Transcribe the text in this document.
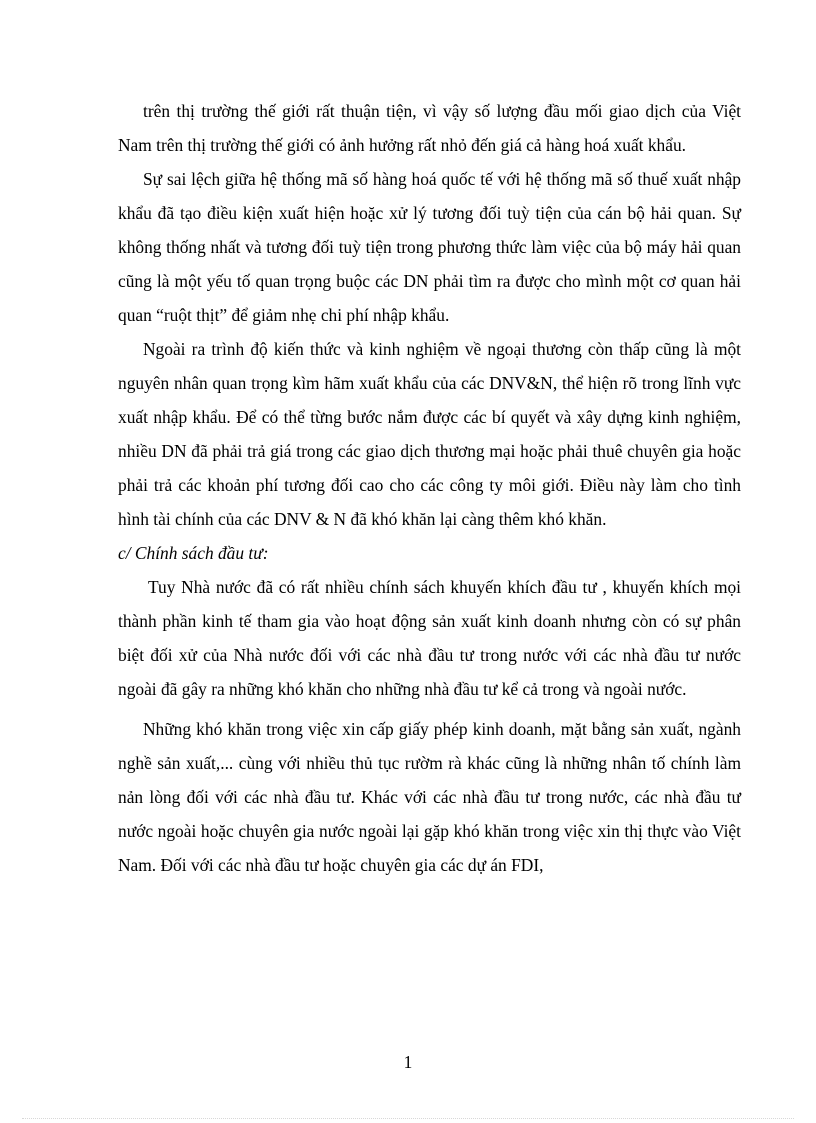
trên thị trường thế giới rất thuận tiện, vì vậy số lượng đầu mối giao dịch của Việt Nam trên thị trường thế giới có ảnh hưởng rất nhỏ đến giá cả hàng hoá xuất khẩu.

Sự sai lệch giữa hệ thống mã số hàng hoá quốc tế với hệ thống mã số thuế xuất nhập khẩu đã tạo điều kiện xuất hiện hoặc xử lý tương đối tuỳ tiện của cán bộ hải quan. Sự không thống nhất và tương đối tuỳ tiện trong phương thức làm việc của bộ máy hải quan cũng là một yếu tố quan trọng buộc các DN phải tìm ra được cho mình một cơ quan hải quan “ruột thịt” để giảm nhẹ chi phí nhập khẩu.

Ngoài ra trình độ kiến thức và kinh nghiệm về ngoại thương còn thấp cũng là một nguyên nhân quan trọng kìm hãm xuất khẩu của các DNV&N, thể hiện rõ trong lĩnh vực xuất nhập khẩu. Để có thể từng bước nắm được các bí quyết và xây dựng kinh nghiệm, nhiều DN đã phải trả giá trong các giao dịch thương mại hoặc phải thuê chuyên gia hoặc phải trả các khoản phí tương đối cao cho các công ty môi giới. Điều này làm cho tình hình tài chính của các DNV & N đã khó khăn lại càng thêm khó khăn.

c/ Chính sách đầu tư:

Tuy Nhà nước đã có rất nhiều chính sách khuyến khích đầu tư , khuyến khích mọi thành phần kinh tế tham gia vào hoạt động sản xuất kinh doanh nhưng còn có sự phân biệt đối xử của Nhà nước đối với các nhà đầu tư trong nước với các nhà đầu tư nước ngoài đã gây ra những khó khăn cho những nhà đầu tư kể cả trong và ngoài nước.

Những khó khăn trong việc xin cấp giấy phép kinh doanh, mặt bằng sản xuất, ngành nghề sản xuất,... cùng với nhiều thủ tục rườm rà khác cũng là những nhân tố chính làm nản lòng đối với các nhà đầu tư. Khác với các nhà đầu tư trong nước, các nhà đầu tư nước ngoài hoặc chuyên gia nước ngoài lại gặp khó khăn trong việc xin thị thực vào Việt Nam. Đối với các nhà đầu tư hoặc chuyên gia các dự án FDI,

1
